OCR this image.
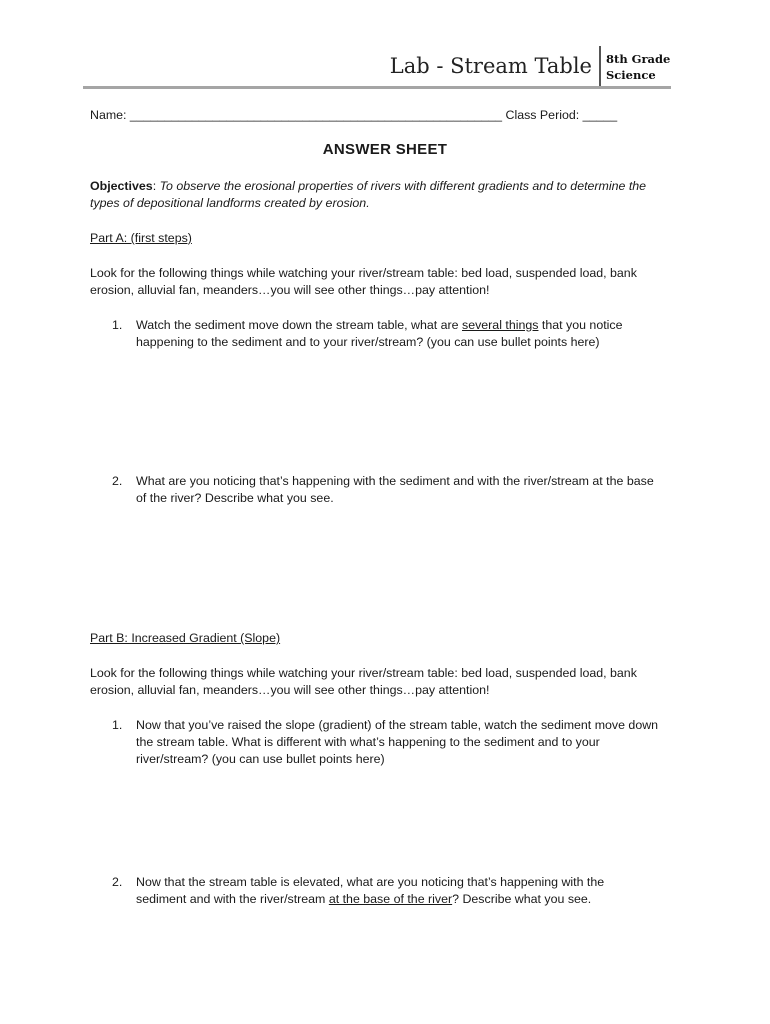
Lab - Stream Table 8th Grade
Science
Name: ______________________________________________________ Class Period: _____
ANSWER SHEET
Objectives: To observe the erosional properties of rivers with different gradients and to determine the
types of depositional landforms created by erosion.
Part A: (first steps)
Look for the following things while watching your river/stream table: bed load, suspended load, bank
erosion, alluvial fan, meanders…you will see other things…pay attention!
1. Watch the sediment move down the stream table, what are several things that you notice
happening to the sediment and to your river/stream? (you can use bullet points here)
2. What are you noticing that’s happening with the sediment and with the river/stream at the base
of the river? Describe what you see.
Part B: Increased Gradient (Slope)
Look for the following things while watching your river/stream table: bed load, suspended load, bank
erosion, alluvial fan, meanders…you will see other things…pay attention!
1. Now that you’ve raised the slope (gradient) of the stream table, watch the sediment move down
the stream table. What is different with what’s happening to the sediment and to your
river/stream? (you can use bullet points here)
2. Now that the stream table is elevated, what are you noticing that’s happening with the
sediment and with the river/stream at the base of the river? Describe what you see.
